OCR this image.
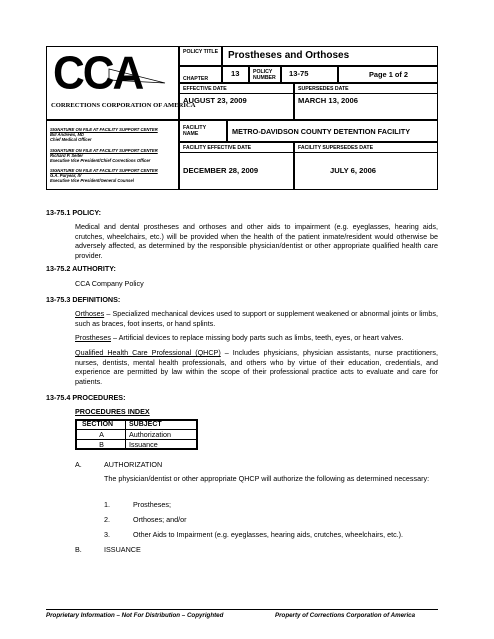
CCA
CORRECTIONS CORPORATION OF AMERICA
POLICY TITLE Prostheses and Orthoses
CHAPTER
13	POLICY NUMBER	13-75	Page 1 of 2
EFFECTIVE DATE
AUGUST 23, 2009
SUPERSEDES DATE
MARCH 13, 2006
SIGNATURE ON FILE AT FACILITY SUPPORT CENTER
Bill Andrews, MD
Chief Medical Officer
SIGNATURE ON FILE AT FACILITY SUPPORT CENTER
Richard P. Seiter
Executive Vice President/Chief Corrections Officer
SIGNATURE ON FILE AT FACILITY SUPPORT CENTER
G.A. Puryear, IV
Executive Vice President/General Counsel
FACILITY NAME	METRO-DAVIDSON COUNTY DETENTION FACILITY
FACILITY EFFECTIVE DATE
DECEMBER 28, 2009
FACILITY SUPERSEDES DATE
JULY 6, 2006
13-75.1 POLICY:
Medical and dental prostheses and orthoses and other aids to impairment (e.g. eyeglasses, hearing aids, crutches, wheelchairs, etc.) will be provided when the health of the patient inmate/resident would otherwise be adversely affected, as determined by the responsible physician/dentist or other appropriate qualified health care provider.
13-75.2 AUTHORITY:
CCA Company Policy
13-75.3 DEFINITIONS:
Orthoses – Specialized mechanical devices used to support or supplement weakened or abnormal joints or limbs, such as braces, foot inserts, or hand splints.
Prostheses – Artificial devices to replace missing body parts such as limbs, teeth, eyes, or heart valves.
Qualified Health Care Professional (QHCP) – Includes physicians, physician assistants, nurse practitioners, nurses, dentists, mental health professionals, and others who by virtue of their education, credentials, and experience are permitted by law within the scope of their professional practice acts to evaluate and care for patients.
13-75.4 PROCEDURES:
PROCEDURES INDEX
SECTION SUBJECT
A	Authorization
B	Issuance
A.	AUTHORIZATION
The physician/dentist or other appropriate QHCP will authorize the following as determined necessary:
1.	Prostheses;
2.	Orthoses; and/or
3.	Other Aids to Impairment (e.g. eyeglasses, hearing aids, crutches, wheelchairs, etc.).
B.	ISSUANCE
Proprietary Information – Not For Distribution – Copyrighted	Property of Corrections Corporation of America
